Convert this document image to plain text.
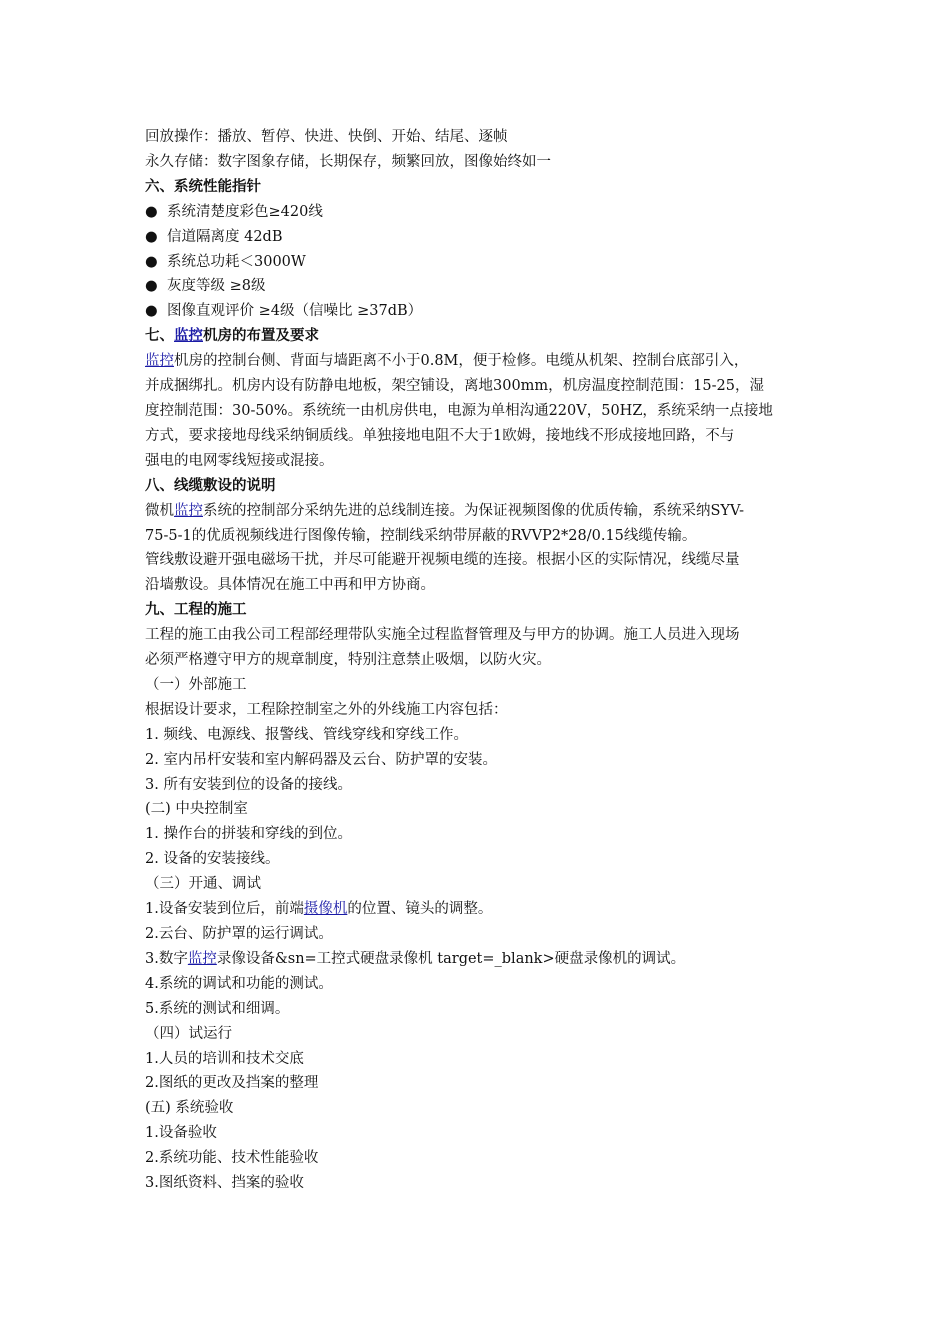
回放操作：播放、暂停、快进、快倒、开始、结尾、逐帧
永久存储：数字图象存储，长期保存，频繁回放，图像始终如一
六、系统性能指针
● 系统清楚度彩色≥420线
● 信道隔离度 42dB
● 系统总功耗＜3000W
● 灰度等级 ≥8级
● 图像直观评价 ≥4级（信噪比 ≥37dB）
七、监控机房的布置及要求
监控机房的控制台侧、背面与墙距离不小于0.8M，便于检修。电缆从机架、控制台底部引入，
并成捆绑扎。机房内设有防静电地板，架空铺设，离地300mm，机房温度控制范围：15-25，湿
度控制范围：30-50%。系统统一由机房供电，电源为单相沟通220V，50HZ，系统采纳一点接地
方式，要求接地母线采纳铜质线。单独接地电阻不大于1欧姆，接地线不形成接地回路，不与
强电的电网零线短接或混接。
八、线缆敷设的说明
微机监控系统的控制部分采纳先进的总线制连接。为保证视频图像的优质传输，系统采纳SYV-
75-5-1的优质视频线进行图像传输，控制线采纳带屏蔽的RVVP2*28/0.15线缆传输。
管线敷设避开强电磁场干扰，并尽可能避开视频电缆的连接。根据小区的实际情况，线缆尽量
沿墙敷设。具体情况在施工中再和甲方协商。
九、工程的施工
工程的施工由我公司工程部经理带队实施全过程监督管理及与甲方的协调。施工人员进入现场
必须严格遵守甲方的规章制度，特别注意禁止吸烟，以防火灾。
（一）外部施工
根据设计要求，工程除控制室之外的外线施工内容包括：
1. 频线、电源线、报警线、管线穿线和穿线工作。
2. 室内吊杆安装和室内解码器及云台、防护罩的安装。
3. 所有安装到位的设备的接线。
(二) 中央控制室
1. 操作台的拼装和穿线的到位。
2. 设备的安装接线。
（三）开通、调试
1.设备安装到位后，前端摄像机的位置、镜头的调整。
2.云台、防护罩的运行调试。
3.数字监控录像设备&sn=工控式硬盘录像机 target=_blank>硬盘录像机的调试。
4.系统的调试和功能的测试。
5.系统的测试和细调。
（四）试运行
1.人员的培训和技术交底
2.图纸的更改及挡案的整理
(五) 系统验收
1.设备验收
2.系统功能、技术性能验收
3.图纸资料、挡案的验收
